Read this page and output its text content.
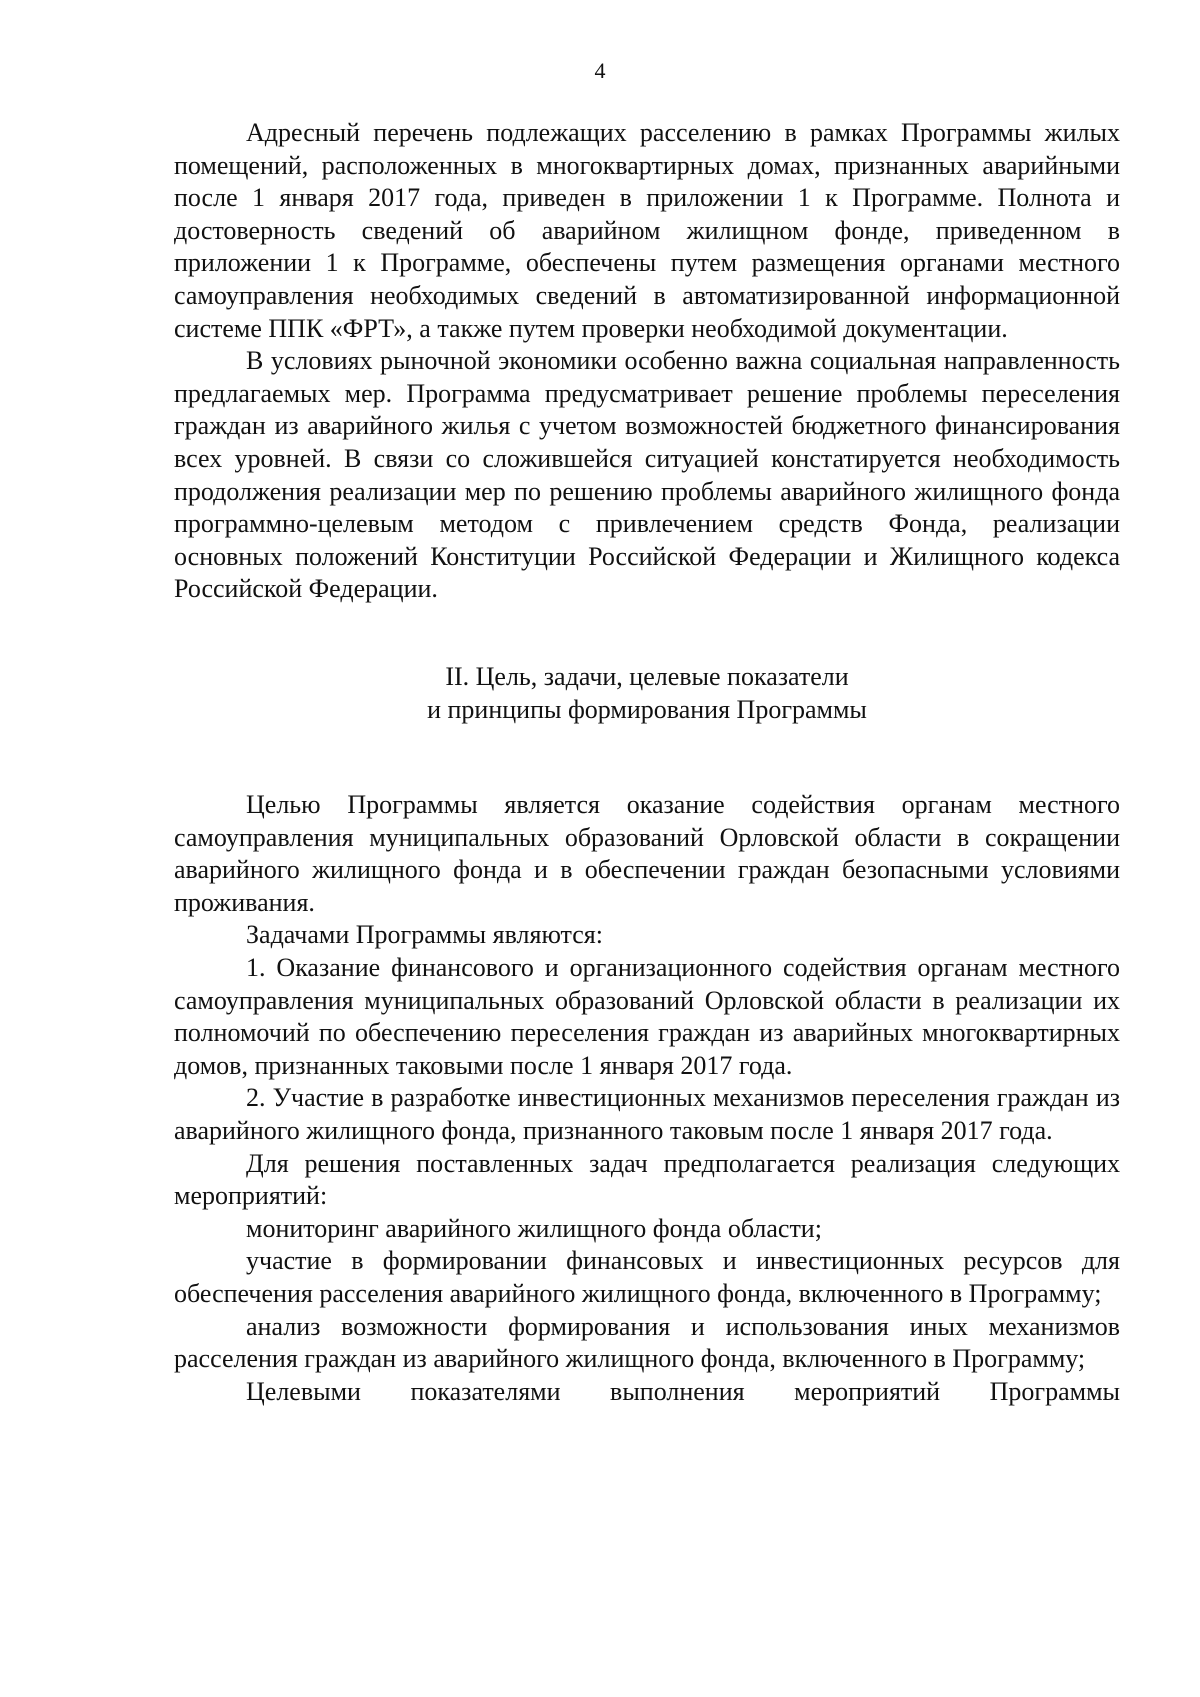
4

Адресный перечень подлежащих расселению в рамках Программы жилых помещений, расположенных в многоквартирных домах, признанных аварийными после 1 января 2017 года, приведен в приложении 1 к Программе. Полнота и достоверность сведений об аварийном жилищном фонде, приведенном в приложении 1 к Программе, обеспечены путем размещения органами местного самоуправления необходимых сведений в автоматизированной информационной системе ППК «ФРТ», а также путем проверки необходимой документации.

В условиях рыночной экономики особенно важна социальная направленность предлагаемых мер. Программа предусматривает решение проблемы переселения граждан из аварийного жилья с учетом возможностей бюджетного финансирования всех уровней. В связи со сложившейся ситуацией констатируется необходимость продолжения реализации мер по решению проблемы аварийного жилищного фонда программно-целевым методом с привлечением средств Фонда, реализации основных положений Конституции Российской Федерации и Жилищного кодекса Российской Федерации.

II. Цель, задачи, целевые показатели

и принципы формирования Программы

Целью Программы является оказание содействия органам местного самоуправления муниципальных образований Орловской области в сокращении аварийного жилищного фонда и в обеспечении граждан безопасными условиями проживания.

Задачами Программы являются:

1. Оказание финансового и организационного содействия органам местного самоуправления муниципальных образований Орловской области в реализации их полномочий по обеспечению переселения граждан из аварийных многоквартирных домов, признанных таковыми после 1 января 2017 года.

2. Участие в разработке инвестиционных механизмов переселения граждан из аварийного жилищного фонда, признанного таковым после 1 января 2017 года.

Для решения поставленных задач предполагается реализация следующих мероприятий:

мониторинг аварийного жилищного фонда области;

участие в формировании финансовых и инвестиционных ресурсов для обеспечения расселения аварийного жилищного фонда, включенного в Программу;

анализ возможности формирования и использования иных механизмов расселения граждан из аварийного жилищного фонда, включенного в Программу;

Целевыми показателями выполнения мероприятий Программы
